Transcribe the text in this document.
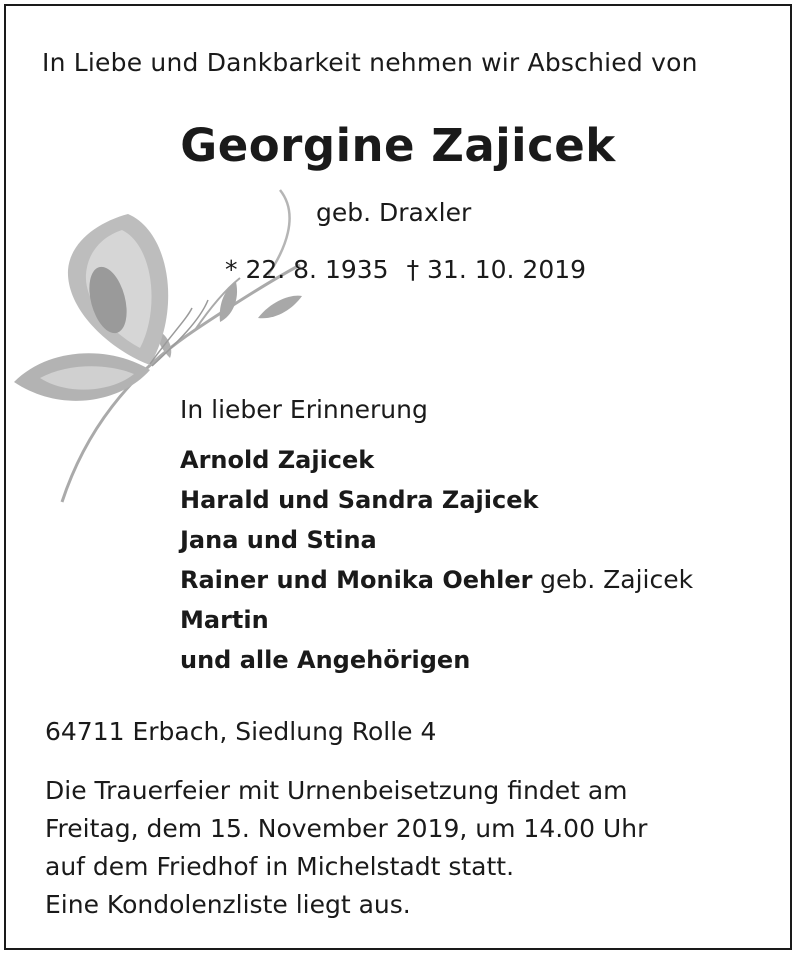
In Liebe und Dankbarkeit nehmen wir Abschied von
Georgine Zajicek
geb. Draxler
* 22. 8. 1935 † 31. 10. 2019
In lieber Erinnerung
Arnold Zajicek
Harald und Sandra Zajicek
Jana und Stina
Rainer und Monika Oehler geb. Zajicek
Martin
und alle Angehörigen
64711 Erbach, Siedlung Rolle 4
Die Trauerfeier mit Urnenbeisetzung findet am
Freitag, dem 15. November 2019, um 14.00 Uhr
auf dem Friedhof in Michelstadt statt.
Eine Kondolenzliste liegt aus.
